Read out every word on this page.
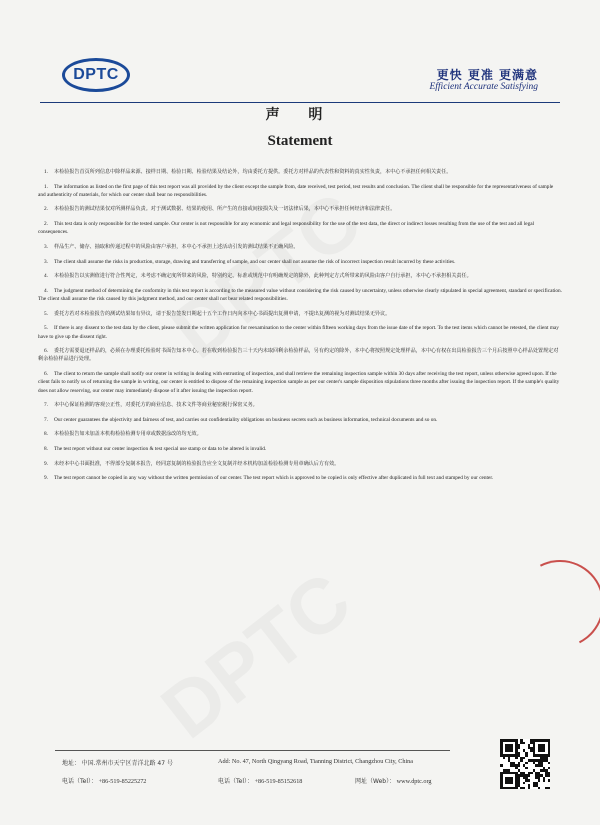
DPTC	更快 更准 更满意
Efficient Accurate Satisfying
声 明
Statement
1. 本检验报告首页所列信息中除样品来源、接样日期、检验日期、检验结果及结论外，均由委托方提供。委托方对样品的代表性和资料的真实性负责，本中心不承担任何相关责任。
1. The information as listed on the first page of this test report was all provided by the client except the sample from, date received, test period, test results and conclusion. The client shall be responsible for the representativeness of sample and authenticity of materials, for which our center shall bear no responsibilities.
2. 本检验报告的测试结果仅对所测样品负责。对于测试数据、结果的使用、所产生的直接或间接损失及一切法律后果，本中心不承担任何经济和法律责任。
2. This test data is only responsible for the tested sample. Our center is not responsible for any economic and legal responsibility for the use of the test data, the direct or indirect losses resulting from the use of the test and all legal consequences.
3. 样品生产、储存、抽取和传递过程中的风险由客户承担，本中心不承担上述活动引发的测试结果不正确风险。
3. The client shall assume the risks in production, storage, drawing and transferring of sample, and our center shall not assume the risk of incorrect inspection result incurred by these activities.
4. 本检验报告以实测值进行符合性判定，未考虑不确定度所带来的风险，特别约定、标准或规范中有明确规定的除外，此种判定方式所带来的风险由客户自行承担，本中心不承担相关责任。
4. The judgment method of determining the conformity in this test report is according to the measured value without considering the risk caused by uncertainty, unless otherwise clearly stipulated in special agreement, standard or specification. The client shall assume the risk caused by this judgment method, and our center shall not bear related responsibilities.
5. 委托方若对本检验报告的测试结果如有异议，请于报告签发日期起十五个工作日内向本中心书面提出复测申请，不提出复测的视为对测试结果无异议。
5. If there is any dissent to the test data by the client, please submit the written application for reexamination to the center within fifteen working days from the issue date of the report. To the test items which cannot be retested, the client may have to give up the dissent right.
6. 委托方需要退还样品的，必须在办理委托检验时书面告知本中心。若在收到检验报告三十天内未取回剩余检验样品，另有约定的除外，本中心将按照规定处理样品，本中心有权在出具检验报告三个月后按照中心样品处置规定对剩余检验样品进行处理。
6. The client to return the sample shall notify our center in writing in dealing with entrusting of inspection, and shall retrieve the remaining inspection sample within 30 days after receiving the test report, unless otherwise agreed upon. If the client fails to notify us of returning the sample in writing, our center is entitled to dispose of the remaining inspection sample as per our center's sample disposition stipulations three months after issuing the inspection report. If the sample's quality does not allow reserving, our center may immediately dispose of it after issuing the inspection report.
7. 本中心保证检测的客观公正性，对委托方的商业信息、技术文件等商业秘密履行保密义务。
7. Our center guarantees the objectivity and fairness of test, and carries out confidentiality obligations on business secrets such as business information, technical documents and so on.
8. 本检验报告如未加盖本机构检验检测专用章或数据涂改的均无效。
8. The test report without our center inspection & test special use stamp or data to be altered is invalid.
9. 未经本中心书面批准，不得部分复制本报告，经同意复制的检验报告应全文复制并经本机构加盖检验检测专用章确认后方有效。
9. The test report cannot be copied in any way without the written permission of our center. The test report which is approved to be copied is only effective after duplicated in full text and stamped by our center.
地址： 中国.常州市天宁区青洋北路 47 号	Add: No. 47, North Qingyang Road, Tianning District, Changzhou City, China
电话（Tel）： +86-519-85225272	电话（Tel）： +86-519-85152618	网址（Web）： www.dptc.org
